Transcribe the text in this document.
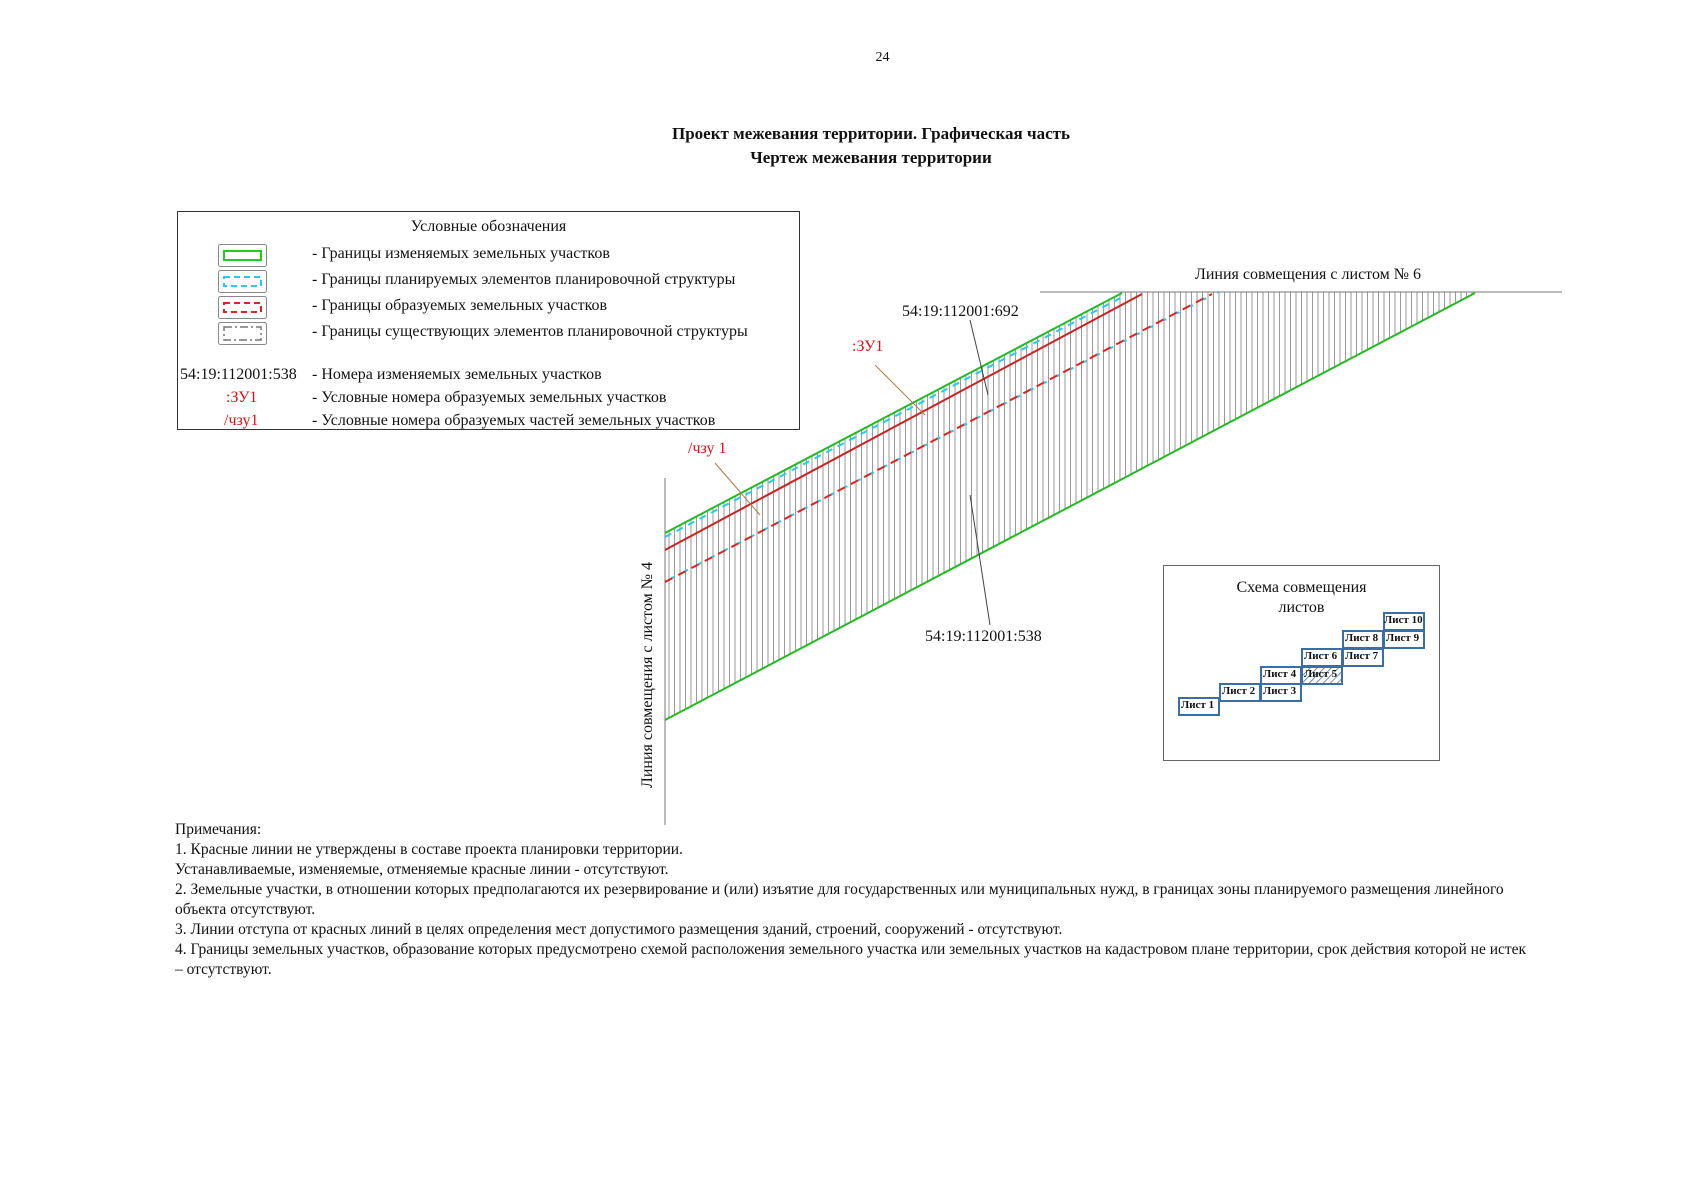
24
Проект межевания территории. Графическая часть
Чертеж межевания территории
Условные обозначения
- Границы изменяемых земельных участков
- Границы планируемых элементов планировочной структуры
- Границы образуемых земельных участков
- Границы существующих элементов планировочной структуры
54:19:112001:538 - Номера изменяемых земельных участков
:ЗУ1	- Условные номера образуемых земельных участков
/чзу1	- Условные номера образуемых частей земельных участков
Линия совмещения с листом № 6
54:19:112001:692
:ЗУ1
/чзу 1
54:19:112001:538
Линия совмещения с листом № 4	Схема совмещения
листов
Лист 1
Лист 2 Лист 3
Лист 4 Лист 5
Лист 6 Лист 7
Лист 8 Лист 9
Лист 10
Примечания:
1. Красные линии не утверждены в составе проекта планировки территории.
Устанавливаемые, изменяемые, отменяемые красные линии - отсутствуют.
2. Земельные участки, в отношении которых предполагаются их резервирование и (или) изъятие для государственных или муниципальных нужд, в границах зоны планируемого размещения линейного объекта отсутствуют.
3. Линии отступа от красных линий в целях определения мест допустимого размещения зданий, строений, сооружений - отсутствуют.
4. Границы земельных участков, образование которых предусмотрено схемой расположения земельного участка или земельных участков на кадастровом плане территории, срок действия которой не истек – отсутствуют.
